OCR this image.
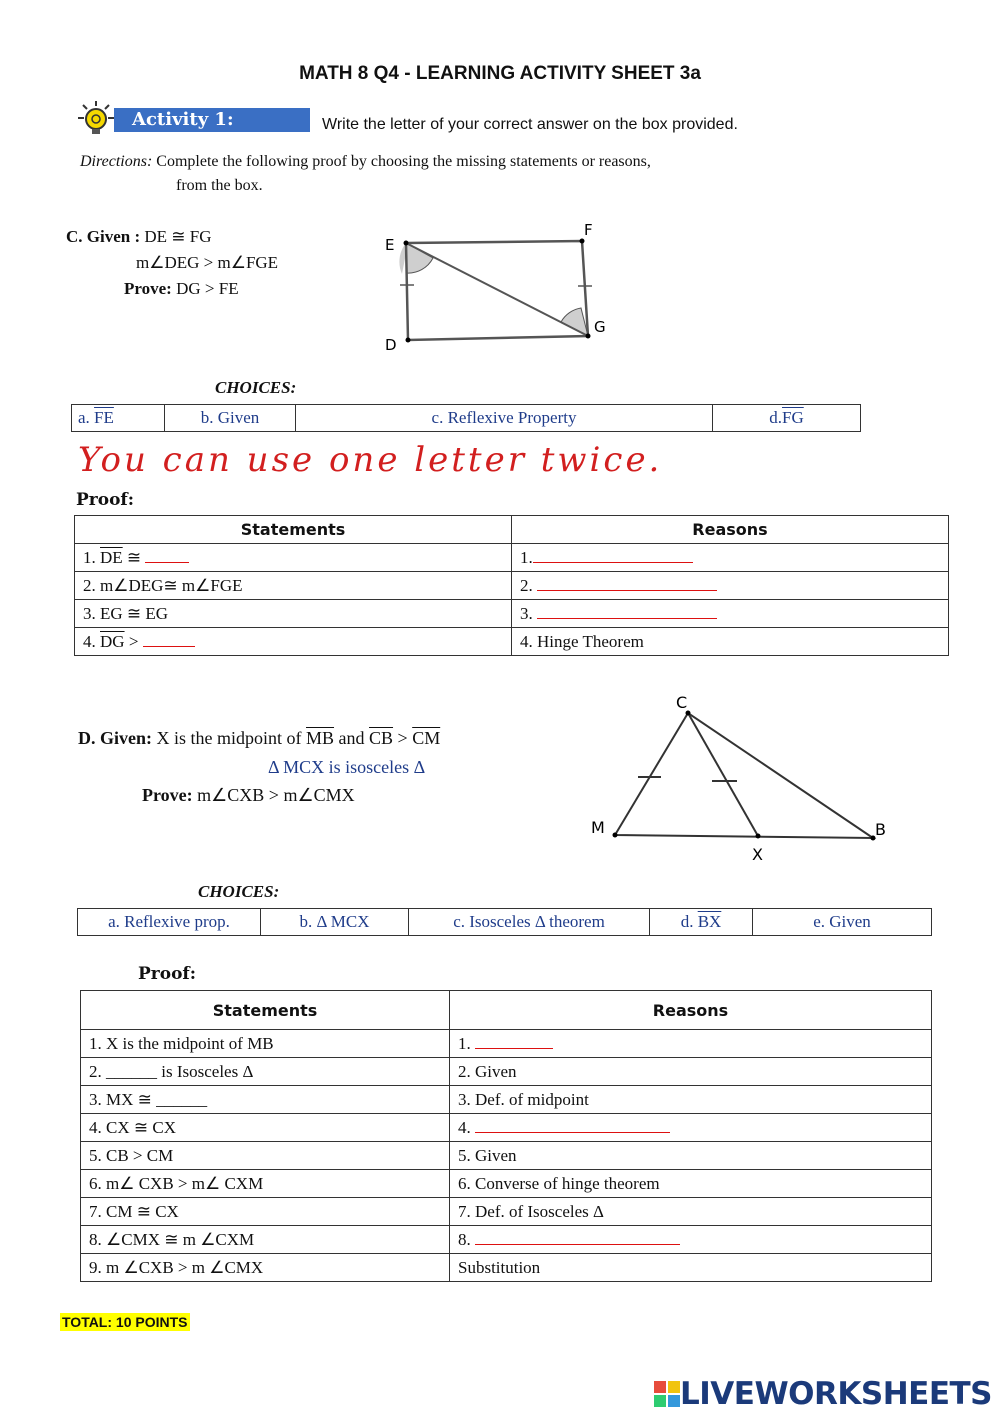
MATH 8 Q4 - LEARNING ACTIVITY SHEET 3a
Activity 1:	Write the letter of your correct answer on the box provided.
Directions: Complete the following proof by choosing the missing statements or reasons,
from the box.
C. Given : DE ≅ FG
m∠DEG > m∠FGE
Prove: DG > FE
E
F
D
G
CHOICES:
a. $\overline{FE}$	b. Given	c. Reflexive Property	$d.\overline{FG}$
You can use one letter twice.
Proof:
Statements	Reasons
1. $\overline{DE}$ ≅	1.
2. m∠DEG≅ m∠FGE	2.
3. EG ≅ EG	3.
4. $\overline{DG}$ >	4. Hinge Theorem
D. Given: X is the midpoint of $\overline{MB}$ and $\overline{CB} > \overline{CM}$
Δ MCX is isosceles Δ
Prove: m∠CXB > m∠CMX
C
M	B
X
CHOICES:
a. Reflexive prop.	b. Δ MCX	c. Isosceles Δ theorem	d. $\overline{BX}$	e. Given
Proof:
Statements	Reasons
1. X is the midpoint of MB	1.
2. ______ is Isosceles Δ	2. Given
3. MX ≅ ______	3. Def. of midpoint
4. CX ≅ CX	4.
5. CB > CM	5. Given
6. m∠ CXB > m∠ CXM	6. Converse of hinge theorem
7. CM ≅ CX	7. Def. of Isosceles Δ
8. ∠CMX ≅ m ∠CXM	8.
9. m ∠CXB > m ∠CMX	Substitution
TOTAL: 10 POINTS
LIVEWORKSHEETS
